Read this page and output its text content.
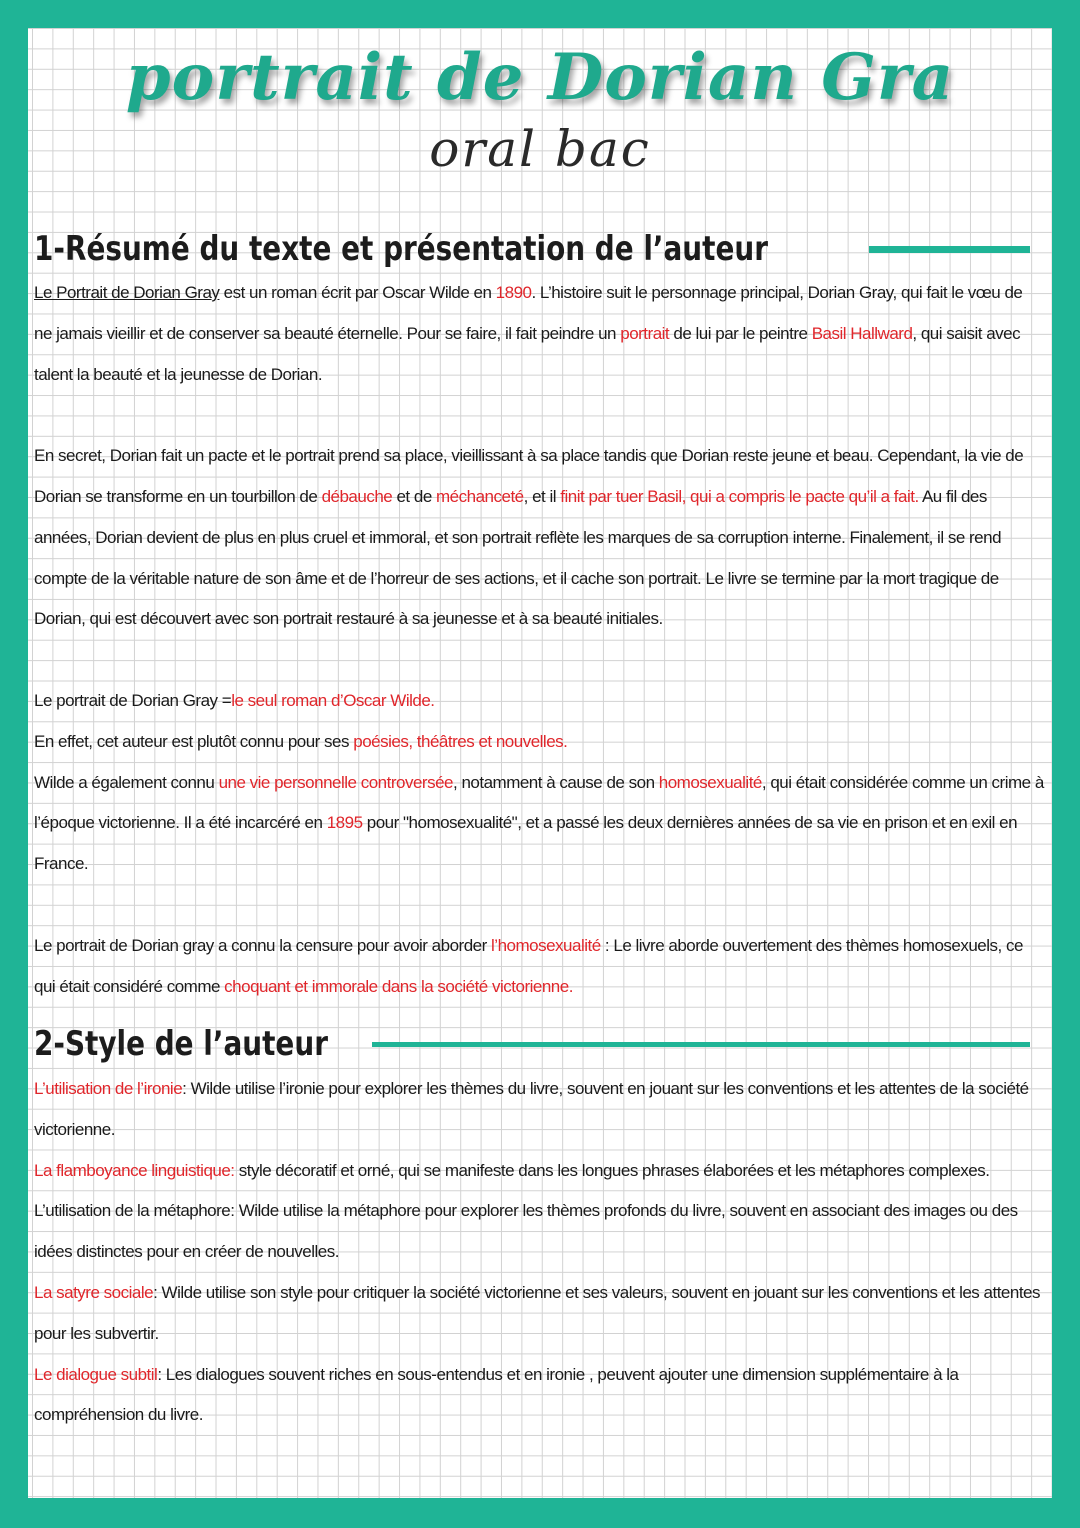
portrait de Dorian Gra
oral bac
1-Résumé du texte et présentation de l’auteur

Le Portrait de Dorian Gray est un roman écrit par Oscar Wilde en 1890. L’histoire suit le personnage principal, Dorian Gray, qui fait le vœu de ne jamais vieillir et de conserver sa beauté éternelle. Pour se faire, il fait peindre un portrait de lui par le peintre Basil Hallward, qui saisit avec talent la beauté et la jeunesse de Dorian.

En secret, Dorian fait un pacte et le portrait prend sa place, vieillissant à sa place tandis que Dorian reste jeune et beau. Cependant, la vie de Dorian se transforme en un tourbillon de débauche et de méchanceté, et il finit par tuer Basil, qui a compris le pacte qu’il a fait. Au fil des années, Dorian devient de plus en plus cruel et immoral, et son portrait reflète les marques de sa corruption interne. Finalement, il se rend compte de la véritable nature de son âme et de l’horreur de ses actions, et il cache son portrait. Le livre se termine par la mort tragique de Dorian, qui est découvert avec son portrait restauré à sa jeunesse et à sa beauté initiales.

Le portrait de Dorian Gray =le seul roman d’Oscar Wilde.

En effet, cet auteur est plutôt connu pour ses poésies, théâtres et nouvelles.

Wilde a également connu une vie personnelle controversée, notamment à cause de son homosexualité, qui était considérée comme un crime à l’époque victorienne. Il a été incarcéré en 1895 pour "homosexualité", et a passé les deux dernières années de sa vie en prison et en exil en France.

Le portrait de Dorian gray a connu la censure pour avoir aborder l’homosexualité : Le livre aborde ouvertement des thèmes homosexuels, ce qui était considéré comme choquant et immorale dans la société victorienne.

2-Style de l’auteur

L’utilisation de l’ironie: Wilde utilise l’ironie pour explorer les thèmes du livre, souvent en jouant sur les conventions et les attentes de la société victorienne.

La flamboyance linguistique: style décoratif et orné, qui se manifeste dans les longues phrases élaborées et les métaphores complexes.

L’utilisation de la métaphore: Wilde utilise la métaphore pour explorer les thèmes profonds du livre, souvent en associant des images ou des idées distinctes pour en créer de nouvelles.

La satyre sociale: Wilde utilise son style pour critiquer la société victorienne et ses valeurs, souvent en jouant sur les conventions et les attentes pour les subvertir.

Le dialogue subtil: Les dialogues souvent riches en sous-entendus et en ironie , peuvent ajouter une dimension supplémentaire à la compréhension du livre.
